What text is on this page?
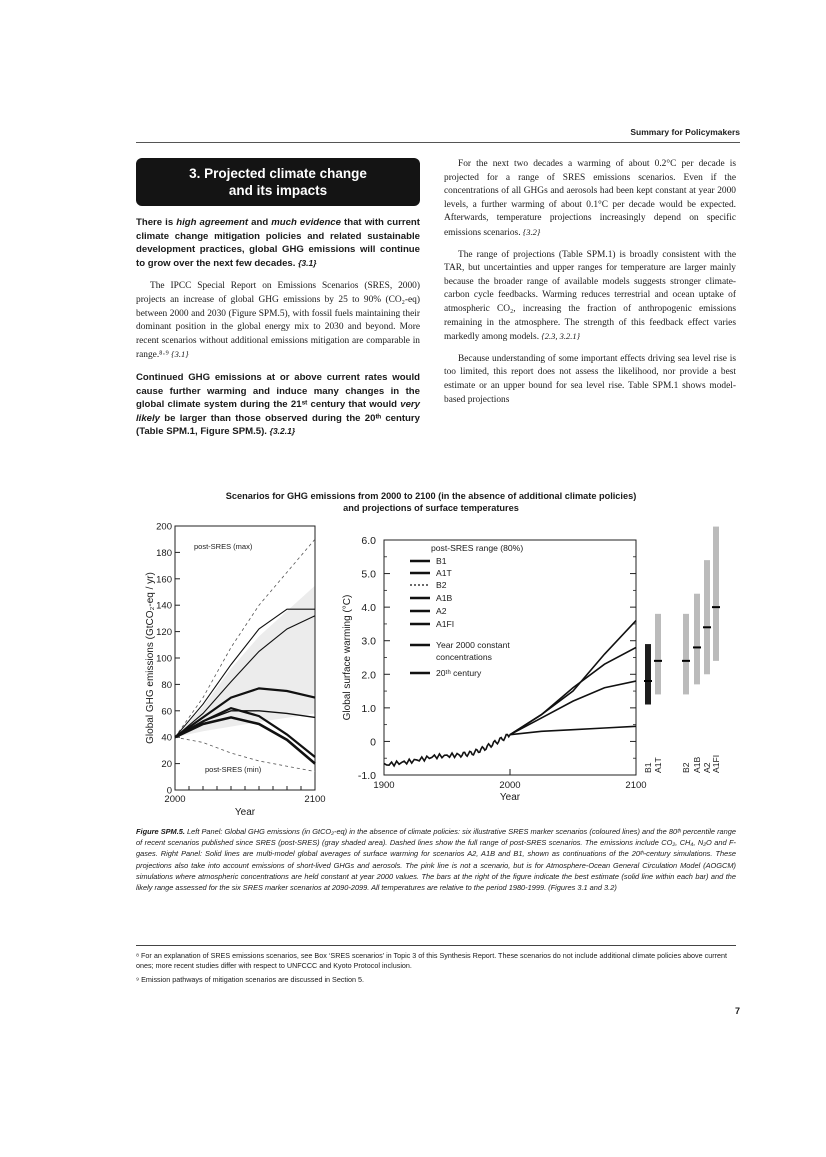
Summary for Policymakers
3. Projected climate change
and its impacts

There is high agreement and much evidence that with current climate change mitigation policies and related sustainable development practices, global GHG emissions will continue to grow over the next few decades. {3.1}

The IPCC Special Report on Emissions Scenarios (SRES, 2000) projects an increase of global GHG emissions by 25 to 90% (CO₂-eq) between 2000 and 2030 (Figure SPM.5), with fossil fuels maintaining their dominant position in the global energy mix to 2030 and beyond. More recent scenarios without additional emissions mitigation are comparable in range.⁸·⁹ {3.1}

Continued GHG emissions at or above current rates would cause further warming and induce many changes in the global climate system during the 21ˢᵗ century that would very likely be larger than those observed during the 20ᵗʰ century (Table SPM.1, Figure SPM.5). {3.2.1}

For the next two decades a warming of about 0.2°C per decade is projected for a range of SRES emissions scenarios. Even if the concentrations of all GHGs and aerosols had been kept constant at year 2000 levels, a further warming of about 0.1°C per decade would be expected. Afterwards, temperature projections increasingly depend on specific emissions scenarios. {3.2}

The range of projections (Table SPM.1) is broadly consistent with the TAR, but uncertainties and upper ranges for temperature are larger mainly because the broader range of available models suggests stronger climate-carbon cycle feedbacks. Warming reduces terrestrial and ocean uptake of atmospheric CO₂, increasing the fraction of anthropogenic emissions remaining in the atmosphere. The strength of this feedback effect varies markedly among models. {2.3, 3.2.1}

Because understanding of some important effects driving sea level rise is too limited, this report does not assess the likelihood, nor provide a best estimate or an upper bound for sea level rise. Table SPM.1 shows model-based projections

Scenarios for GHG emissions from 2000 to 2100 (in the absence of additional climate policies)
and projections of surface temperatures
0
20
40
60
80
100
120
140
160
180
200
2000	2100
Year
Global GHG emissions (GtCO₂-eq / yr)
post-SRES (max)
post-SRES (min)
-1.0
0
1.0
2.0
3.0
4.0
5.0
6.0
1900	2000	2100
Year
Global surface warming (°C)
post-SRES range (80%)
B1
A1T
B2
A1B
A2
A1FI
Year 2000 constant
concentrations
20ᵗʰ century
B1 A1T B2 A1B A2 A1FI

Figure SPM.5. Left Panel: Global GHG emissions (in GtCO₂-eq) in the absence of climate policies: six illustrative SRES marker scenarios (coloured lines) and the 80ᵗʰ percentile range of recent scenarios published since SRES (post-SRES) (gray shaded area). Dashed lines show the full range of post-SRES scenarios. The emissions include CO₂, CH₄, N₂O and F-gases. Right Panel: Solid lines are multi-model global averages of surface warming for scenarios A2, A1B and B1, shown as continuations of the 20ᵗʰ-century simulations. These projections also take into account emissions of short-lived GHGs and aerosols. The pink line is not a scenario, but is for Atmosphere-Ocean General Circulation Model (AOGCM) simulations where atmospheric concentrations are held constant at year 2000 values. The bars at the right of the figure indicate the best estimate (solid line within each bar) and the likely range assessed for the six SRES marker scenarios at 2090-2099. All temperatures are relative to the period 1980-1999. (Figures 3.1 and 3.2)

⁸ For an explanation of SRES emissions scenarios, see Box ‘SRES scenarios’ in Topic 3 of this Synthesis Report. These scenarios do not include additional climate policies above current ones; more recent studies differ with respect to UNFCCC and Kyoto Protocol inclusion.

⁹ Emission pathways of mitigation scenarios are discussed in Section 5.

7
